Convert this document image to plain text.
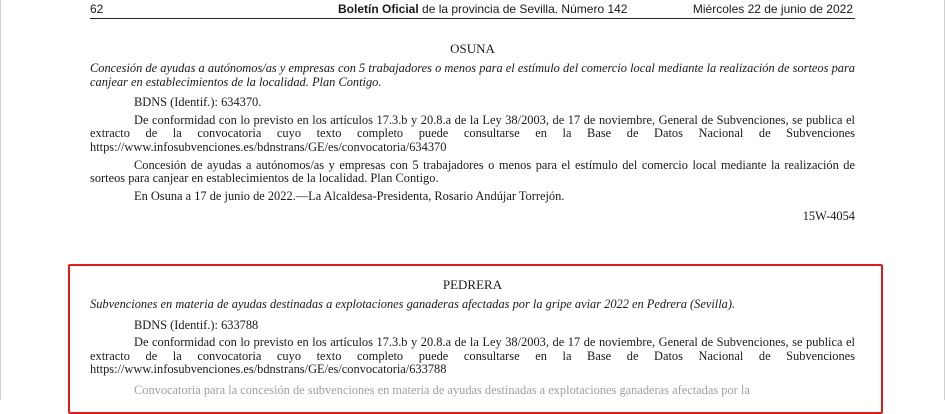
62	Boletín Oficial de la provincia de Sevilla. Número 142	Miércoles 22 de junio de 2022
OSUNA
Concesión de ayudas a autónomos/as y empresas con 5 trabajadores o menos para el estímulo del comercio local mediante la realización de sorteos para canjear en establecimientos de la localidad. Plan Contigo.
BDNS (Identif.): 634370.
De conformidad con lo previsto en los artículos 17.3.b y 20.8.a de la Ley 38/2003, de 17 de noviembre, General de Subvenciones, se publica el extracto de la convocatoria cuyo texto completo puede consultarse en la Base de Datos Nacional de Subvenciones https://www.infosubvenciones.es/bdnstrans/GE/es/convocatoria/634370
Concesión de ayudas a autónomos/as y empresas con 5 trabajadores o menos para el estímulo del comercio local mediante la realización de sorteos para canjear en establecimientos de la localidad. Plan Contigo.
En Osuna a 17 de junio de 2022.—La Alcaldesa-Presidenta, Rosario Andújar Torrejón.
15W-4054
PEDRERA
Subvenciones en materia de ayudas destinadas a explotaciones ganaderas afectadas por la gripe aviar 2022 en Pedrera (Sevilla).
BDNS (Identif.): 633788
De conformidad con lo previsto en los artículos 17.3.b y 20.8.a de la Ley 38/2003, de 17 de noviembre, General de Subvenciones, se publica el extracto de la convocatoria cuyo texto completo puede consultarse en la Base de Datos Nacional de Subvenciones https://www.infosubvenciones.es/bdnstrans/GE/es/convocatoria/633788
Convocatoria para la concesión de subvenciones en materia de ayudas destinadas a explotaciones ganaderas afectadas por la
